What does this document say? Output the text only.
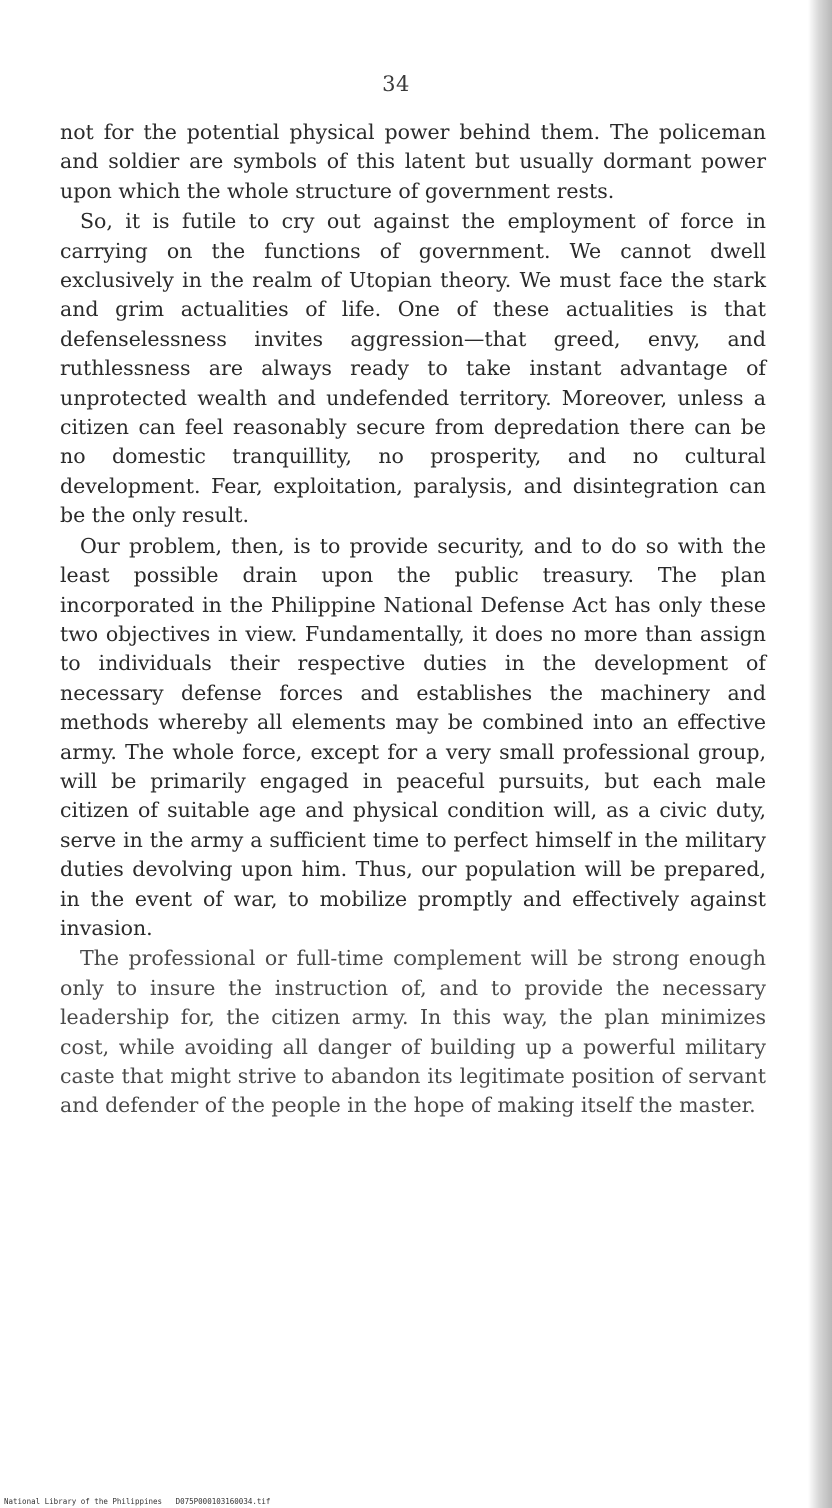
34

not for the potential physical power behind them. The policeman and soldier are symbols of this latent but usually dormant power upon which the whole structure of government rests.

So, it is futile to cry out against the employment of force in carrying on the functions of government. We cannot dwell exclusively in the realm of Utopian theory. We must face the stark and grim actualities of life. One of these actualities is that defenselessness invites aggression—that greed, envy, and ruthlessness are always ready to take instant advantage of unprotected wealth and undefended territory. Moreover, unless a citizen can feel reasonably secure from depredation there can be no domestic tranquillity, no prosperity, and no cultural development. Fear, exploitation, paralysis, and disintegration can be the only result.

Our problem, then, is to provide security, and to do so with the least possible drain upon the public treasury. The plan incorporated in the Philippine National Defense Act has only these two objectives in view. Fundamentally, it does no more than assign to individuals their respective duties in the development of necessary defense forces and establishes the machinery and methods whereby all elements may be combined into an effective army. The whole force, except for a very small professional group, will be primarily engaged in peaceful pursuits, but each male citizen of suitable age and physical condition will, as a civic duty, serve in the army a sufficient time to perfect himself in the military duties devolving upon him. Thus, our population will be prepared, in the event of war, to mobilize promptly and effectively against invasion.

The professional or full-time complement will be strong enough only to insure the instruction of, and to provide the necessary leadership for, the citizen army. In this way, the plan minimizes cost, while avoiding all danger of building up a powerful military caste that might strive to abandon its legitimate position of servant and defender of the people in the hope of making itself the master.

National Library of the Philippines D075P000103160034.tif
